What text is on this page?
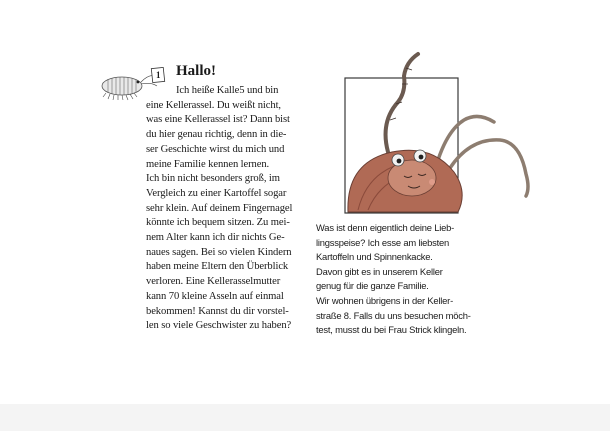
1 Hallo!

Ich heiße Kalle5 und bin
eine Kellerassel. Du weißt nicht,
was eine Kellerassel ist? Dann bist
du hier genau richtig, denn in die-
ser Geschichte wirst du mich und
meine Familie kennen lernen.
Ich bin nicht besonders groß, im
Vergleich zu einer Kartoffel sogar
sehr klein. Auf deinem Fingernagel
könnte ich bequem sitzen. Zu mei-
nem Alter kann ich dir nichts Ge-
naues sagen. Bei so vielen Kindern
haben meine Eltern den Überblick
verloren. Eine Kellerasselmutter
kann 70 kleine Asseln auf einmal
bekommen! Kannst du dir vorstel-
len so viele Geschwister zu haben?

Was ist denn eigentlich deine Lieb-
lingsspeise? Ich esse am liebsten
Kartoffeln und Spinnenkacke.
Davon gibt es in unserem Keller
genug für die ganze Familie.
Wir wohnen übrigens in der Keller-
straße 8. Falls du uns besuchen möch-
test, musst du bei Frau Strick klingeln.
